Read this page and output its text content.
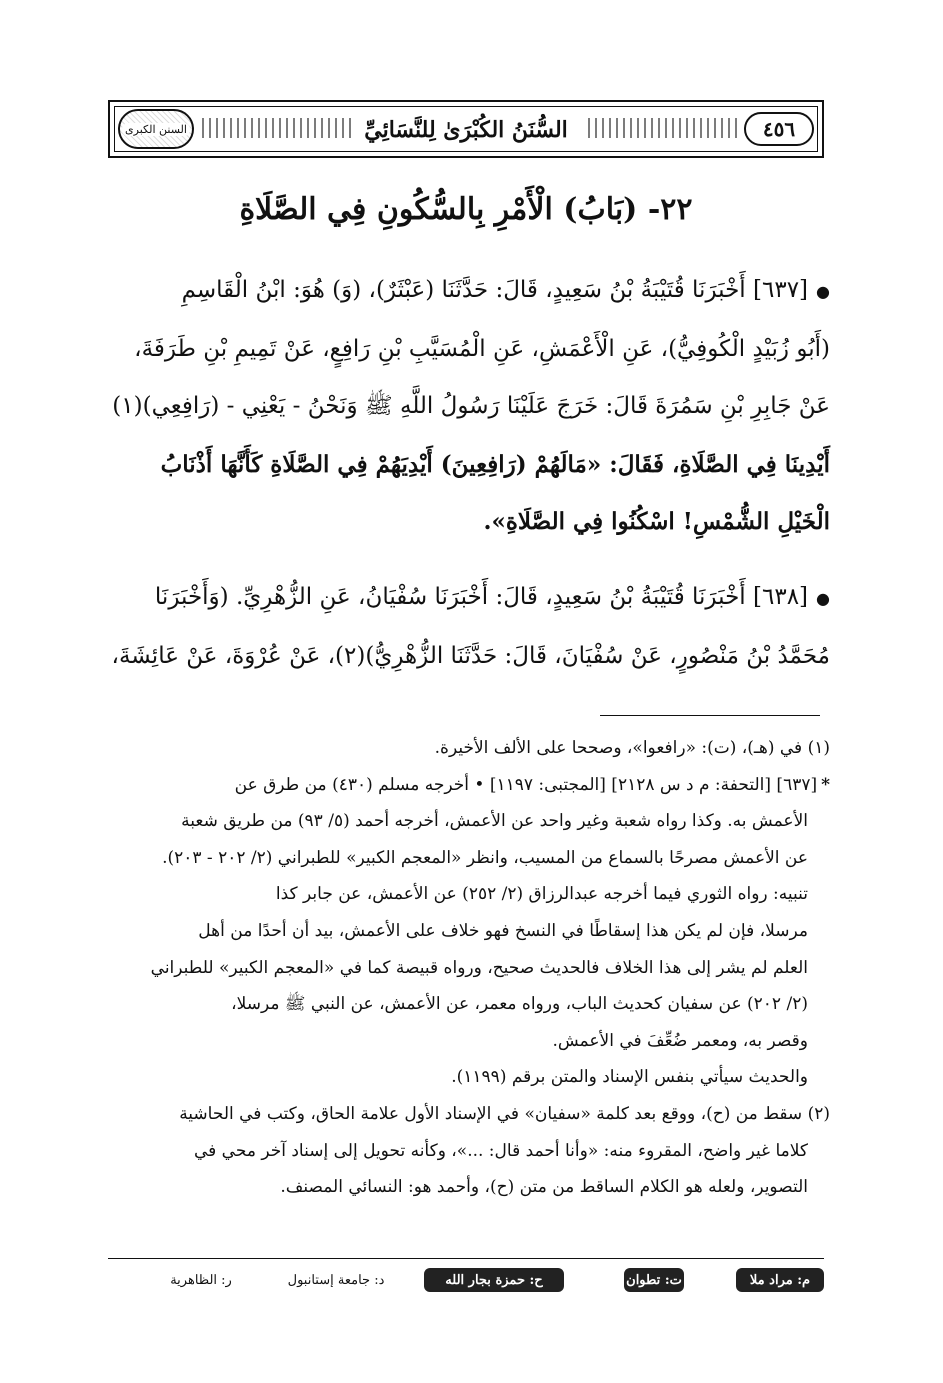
السنن الكبرى	السُّنَنُ الكُبْرَىٰ لِلنَّسَائِيِّ	٤٥٦
٢٢- (بَابُ) الْأَمْرِ بِالسُّكُونِ فِي الصَّلَاةِ

●[٦٣٧] أَخْبَرَنَا قُتَيْبَةُ بْنُ سَعِيدٍ، قَالَ: حَدَّثَنَا (عَبْثَرٌ)، (وَ) هُوَ: ابْنُ الْقَاسِمِ

(أَبُو زُبَيْدٍ الْكُوفِيُّ)، عَنِ الْأَعْمَشِ، عَنِ الْمُسَيَّبِ بْنِ رَافِعٍ، عَنْ تَمِيمِ بْنِ طَرَفَةَ،

عَنْ جَابِرِ بْنِ سَمُرَةَ قَالَ: خَرَجَ عَلَيْنَا رَسُولُ اللَّهِ ﷺ وَنَحْنُ - يَعْنِي - (رَافِعِي)(١)

أَيْدِينَا فِي الصَّلَاةِ، فَقَالَ: «مَالَهُمْ (رَافِعِينَ) أَيْدِيَهُمْ فِي الصَّلَاةِ كَأَنَّهَا أَذْنَابُ

الْخَيْلِ الشُّمْسِ! اسْكُنُوا فِي الصَّلَاةِ».

●[٦٣٨] أَخْبَرَنَا قُتَيْبَةُ بْنُ سَعِيدٍ، قَالَ: أَخْبَرَنَا سُفْيَانُ، عَنِ الزُّهْرِيِّ. (وَأَخْبَرَنَا

مُحَمَّدُ بْنُ مَنْصُورٍ، عَنْ سُفْيَانَ، قَالَ: حَدَّثَنَا الزُّهْرِيُّ)(٢)، عَنْ عُرْوَةَ، عَنْ عَائِشَةَ،

(١) في (هـ)، (ت): «رافعوا»، وصححا على الألف الأخيرة.

*[٦٣٧] [التحفة: م د س ٢١٢٨] [المجتبى: ١١٩٧] • أخرجه مسلم (٤٣٠) من طرق عن

الأعمش به. وكذا رواه شعبة وغير واحد عن الأعمش، أخرجه أحمد (٥/ ٩٣) من طريق شعبة

عن الأعمش مصرحًا بالسماع من المسيب، وانظر «المعجم الكبير» للطبراني (٢/ ٢٠٢ - ٢٠٣).

تنبيه: رواه الثوري فيما أخرجه عبدالرزاق (٢/ ٢٥٢) عن الأعمش، عن جابر كذا

مرسلا، فإن لم يكن هذا إسقاطًا في النسخ فهو خلاف على الأعمش، بيد أن أحدًا من أهل

العلم لم يشر إلى هذا الخلاف فالحديث صحيح، ورواه قبيصة كما في «المعجم الكبير» للطبراني

(٢/ ٢٠٢) عن سفيان كحديث الباب، ورواه معمر، عن الأعمش، عن النبي ﷺ مرسلا،

وقصر به، ومعمر ضُعِّفَ في الأعمش.

والحديث سيأتي بنفس الإسناد والمتن برقم (١١٩٩).

(٢) سقط من (ح)، ووقع بعد كلمة «سفيان» في الإسناد الأول علامة الحاق، وكتب في الحاشية

كلاما غير واضح، المقروء منه: «وأنا أحمد قال: ...»، وكأنه تحويل إلى إسناد آخر محي في

التصوير، ولعله هو الكلام الساقط من متن (ح)، وأحمد هو: النسائي المصنف.

م: مراد ملا
ت: تطوان
ح: حمزة بجار الله
د: جامعة إستانبول
ر: الظاهرية
